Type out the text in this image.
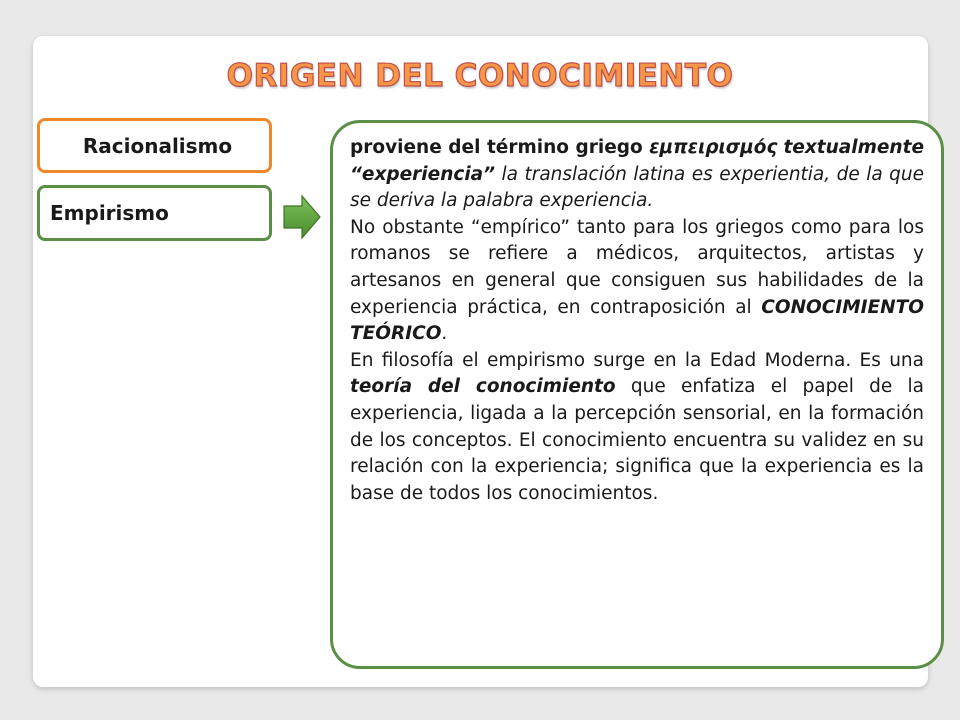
ORIGEN DEL CONOCIMIENTO
Racionalismo
Empirismo

proviene del término griego εμπειρισμός textualmente “experiencia” la translación latina es experientia, de la que se deriva la palabra experiencia.

No obstante “empírico” tanto para los griegos como para los romanos se refiere a médicos, arquitectos, artistas y artesanos en general que consiguen sus habilidades de la experiencia práctica, en contraposición al CONOCIMIENTO TEÓRICO.

En filosofía el empirismo surge en la Edad Moderna. Es una teoría del conocimiento que enfatiza el papel de la experiencia, ligada a la percepción sensorial, en la formación de los conceptos. El conocimiento encuentra su validez en su relación con la experiencia; significa que la experiencia es la base de todos los conocimientos.
